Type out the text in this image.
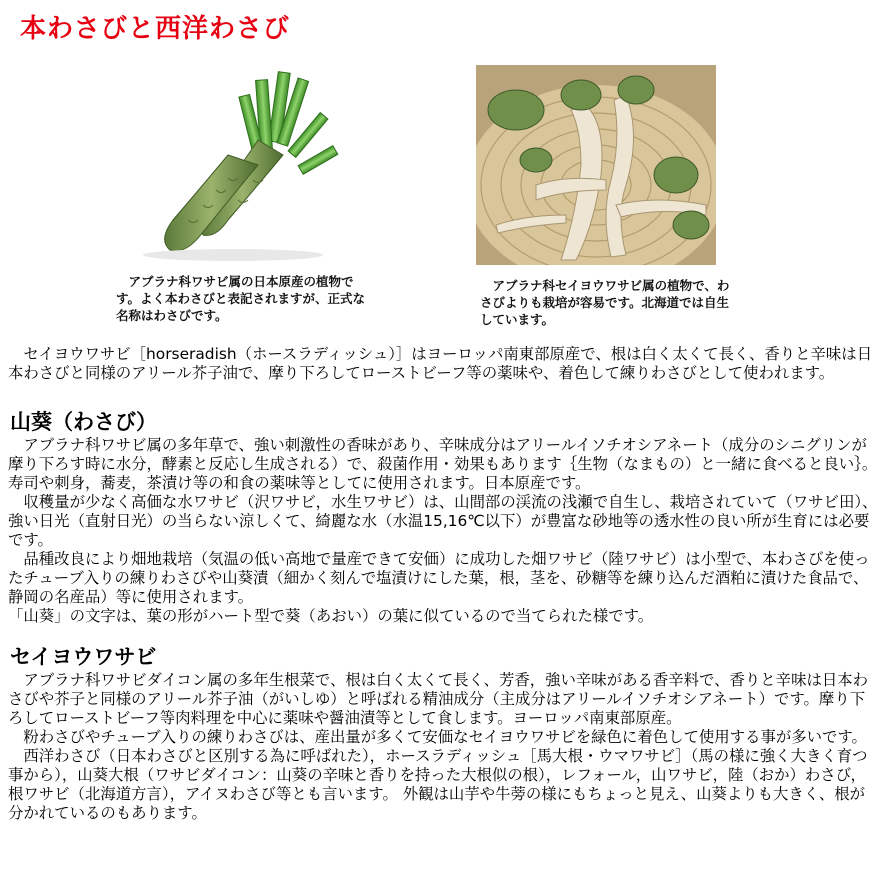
本わさびと西洋わさび
　アブラナ科ワサビ属の日本原産の植物です。よく本わさびと表記されますが、正式な名称はわさびです。
　アブラナ科セイヨウワサビ属の植物で、わさびよりも栽培が容易です。北海道では自生しています。
　セイヨウワサビ［horseradish（ホースラディッシュ）］はヨーロッパ南東部原産で、根は白く太くて長く、香りと辛味は日本わさびと同様のアリール芥子油で、摩り下ろしてローストビーフ等の薬味や、着色して練りわさびとして使われます。
山葵（わさび）

　アブラナ科ワサビ属の多年草で、強い刺激性の香味があり、辛味成分はアリールイソチオシアネート（成分のシニグリンが摩り下ろす時に水分，酵素と反応し生成される）で、殺菌作用・効果もあります｛生物（なまもの）と一緒に食べると良い｝。寿司や刺身，蕎麦，茶漬け等の和食の薬味等としてに使用されます。日本原産です。

　収穫量が少なく高価な水ワサビ（沢ワサビ，水生ワサビ）は、山間部の渓流の浅瀬で自生し、栽培されていて（ワサビ田）、強い日光（直射日光）の当らない涼しくて、綺麗な水（水温15,16℃以下）が豊富な砂地等の透水性の良い所が生育には必要です。

　品種改良により畑地栽培（気温の低い高地で量産できて安価）に成功した畑ワサビ（陸ワサビ）は小型で、本わさびを使ったチューブ入りの練りわさびや山葵漬（細かく刻んで塩漬けにした葉，根，茎を、砂糖等を練り込んだ酒粕に漬けた食品で、静岡の名産品）等に使用されます。

「山葵」の文字は、葉の形がハート型で葵（あおい）の葉に似ているので当てられた様です。

セイヨウワサビ

　アブラナ科ワサビダイコン属の多年生根菜で、根は白く太くて長く、芳香，強い辛味がある香辛料で、香りと辛味は日本わさびや芥子と同様のアリール芥子油（がいしゆ）と呼ばれる精油成分（主成分はアリールイソチオシアネート）です。摩り下ろしてローストビーフ等肉料理を中心に薬味や醤油漬等として食します。ヨーロッパ南東部原産。

　粉わさびやチューブ入りの練りわさびは、産出量が多くて安価なセイヨウワサビを緑色に着色して使用する事が多いです。

　西洋わさび（日本わさびと区別する為に呼ばれた），ホースラディッシュ［馬大根・ウマワサビ］（馬の様に強く大きく育つ事から），山葵大根（ワサビダイコン：山葵の辛味と香りを持った大根似の根），レフォール，山ワサビ，陸（おか）わさび，根ワサビ（北海道方言），アイヌわさび等とも言います。 外観は山芋や牛蒡の様にもちょっと見え、山葵よりも大きく、根が分かれているのもあります。
